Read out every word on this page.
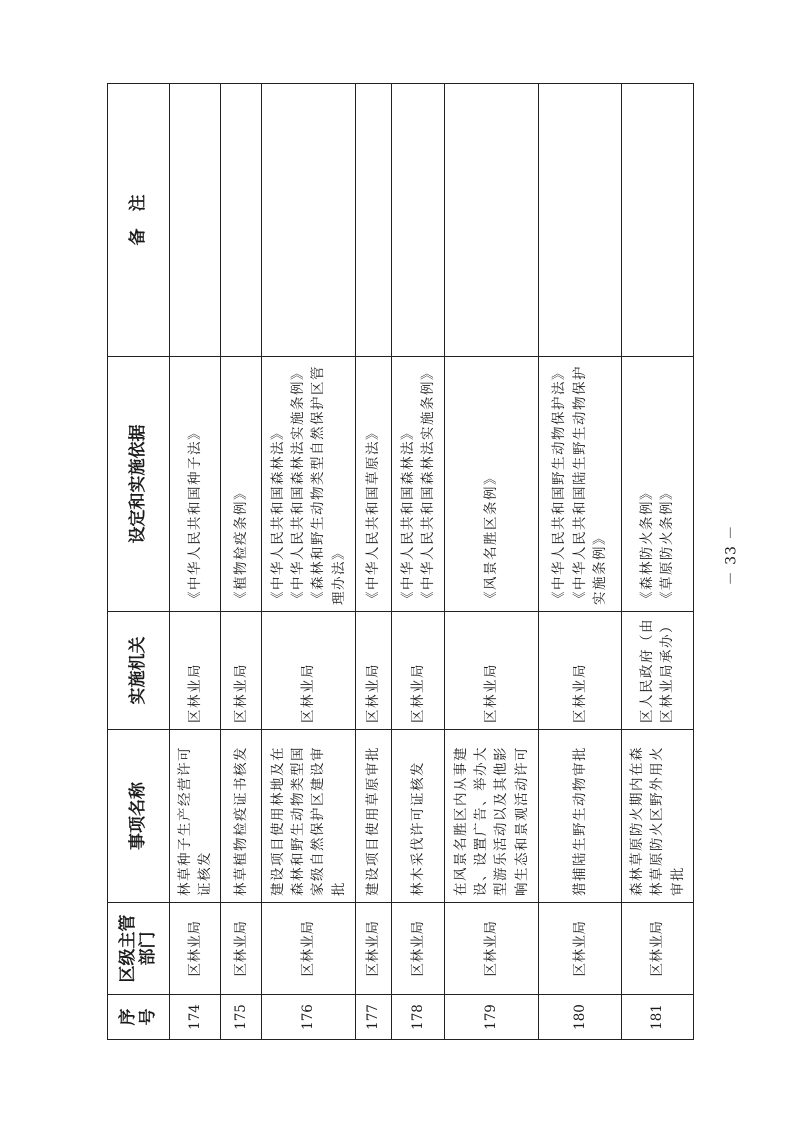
序号	区级主管部门	事项名称	实施机关	设定和实施依据	备　注
174	区林业局	林草种子生产经营许可证核发	区林业局	《中华人民共和国种子法》	

175	区林业局	林草植物检疫证书核发	区林业局	《植物检疫条例》	

176	区林业局	建设项目使用林地及在森林和野生动物类型国家级自然保护区建设审批	区林业局	《中华人民共和国森林法》 《中华人民共和国森林法实施条例》 《森林和野生动物类型自然保护区管理办法》	

177	区林业局	建设项目使用草原审批	区林业局	《中华人民共和国草原法》	

178	区林业局	林木采伐许可证核发	区林业局	《中华人民共和国森林法》 《中华人民共和国森林法实施条例》	

179	区林业局	在风景名胜区内从事建设、设置广告、举办大型游乐活动以及其他影响生态和景观活动许可	区林业局	《风景名胜区条例》	

180	区林业局	猎捕陆生野生动物审批	区林业局	《中华人民共和国野生动物保护法》 《中华人民共和国陆生野生动物保护实施条例》	

181	区林业局	森林草原防火期内在森林草原防火区野外用火审批	区人民政府（由区林业局承办）	《森林防火条例》 《草原防火条例》	
		－ 33 －
